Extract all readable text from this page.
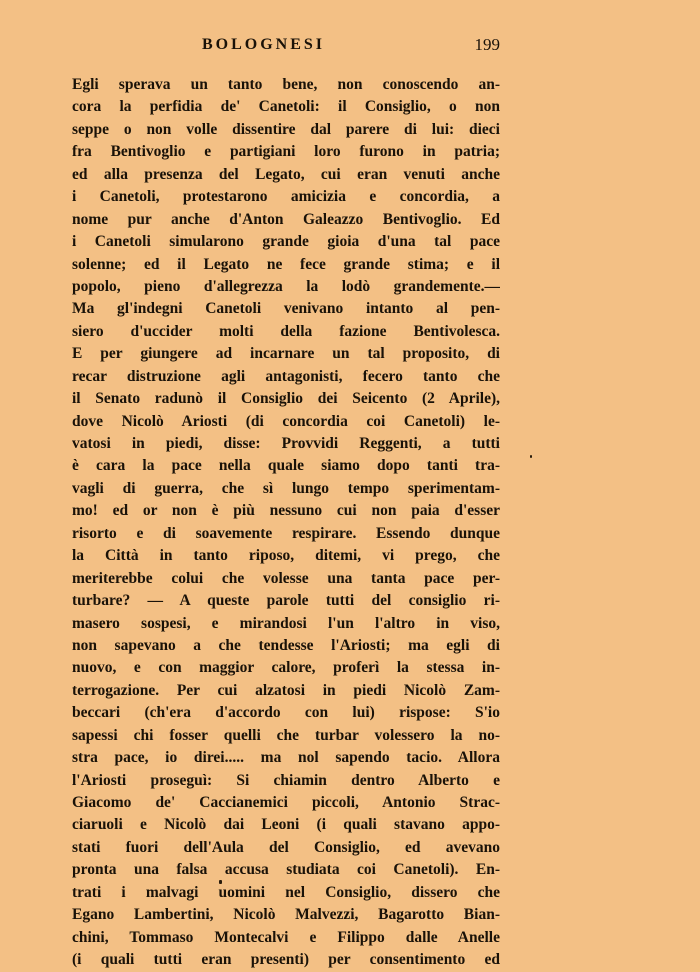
BOLOGNESI	199
Egli sperava un tanto bene, non conoscendo an-
cora la perfidia de' Canetoli: il Consiglio, o non
seppe o non volle dissentire dal parere di lui: dieci
fra Bentivoglio e partigiani loro furono in patria;
ed alla presenza del Legato, cui eran venuti anche
i Canetoli, protestarono amicizia e concordia, a
nome pur anche d'Anton Galeazzo Bentivoglio. Ed
i Canetoli simularono grande gioia d'una tal pace
solenne; ed il Legato ne fece grande stima; e il
popolo, pieno d'allegrezza la lodò grandemente.—
Ma gl'indegni Canetoli venivano intanto al pen-
siero d'uccider molti della fazione Bentivolesca.
E per giungere ad incarnare un tal proposito, di
recar distruzione agli antagonisti, fecero tanto che
il Senato radunò il Consiglio dei Seicento (2 Aprile),
dove Nicolò Ariosti (di concordia coi Canetoli) le-
vatosi in piedi, disse: Provvidi Reggenti, a tutti
è cara la pace nella quale siamo dopo tanti tra-
vagli di guerra, che sì lungo tempo sperimentam-
mo! ed or non è più nessuno cui non paia d'esser
risorto e di soavemente respirare. Essendo dunque
la Città in tanto riposo, ditemi, vi prego, che
meriterebbe colui che volesse una tanta pace per-
turbare? — A queste parole tutti del consiglio ri-
masero sospesi, e mirandosi l'un l'altro in viso,
non sapevano a che tendesse l'Ariosti; ma egli di
nuovo, e con maggior calore, proferì la stessa in-
terrogazione. Per cui alzatosi in piedi Nicolò Zam-
beccari (ch'era d'accordo con lui) rispose: S'io
sapessi chi fosser quelli che turbar volessero la no-
stra pace, io direi..... ma nol sapendo tacio. Allora
l'Ariosti proseguì: Si chiamin dentro Alberto e
Giacomo de' Caccianemici piccoli, Antonio Strac-
ciaruoli e Nicolò dai Leoni (i quali stavano appo-
stati fuori dell'Aula del Consiglio, ed avevano
pronta una falsa accusa studiata coi Canetoli). En-
trati i malvagi uomini nel Consiglio, dissero che
Egano Lambertini, Nicolò Malvezzi, Bagarotto Bian-
chini, Tommaso Montecalvi e Filippo dalle Anelle
(i quali tutti eran presenti) per consentimento ed
